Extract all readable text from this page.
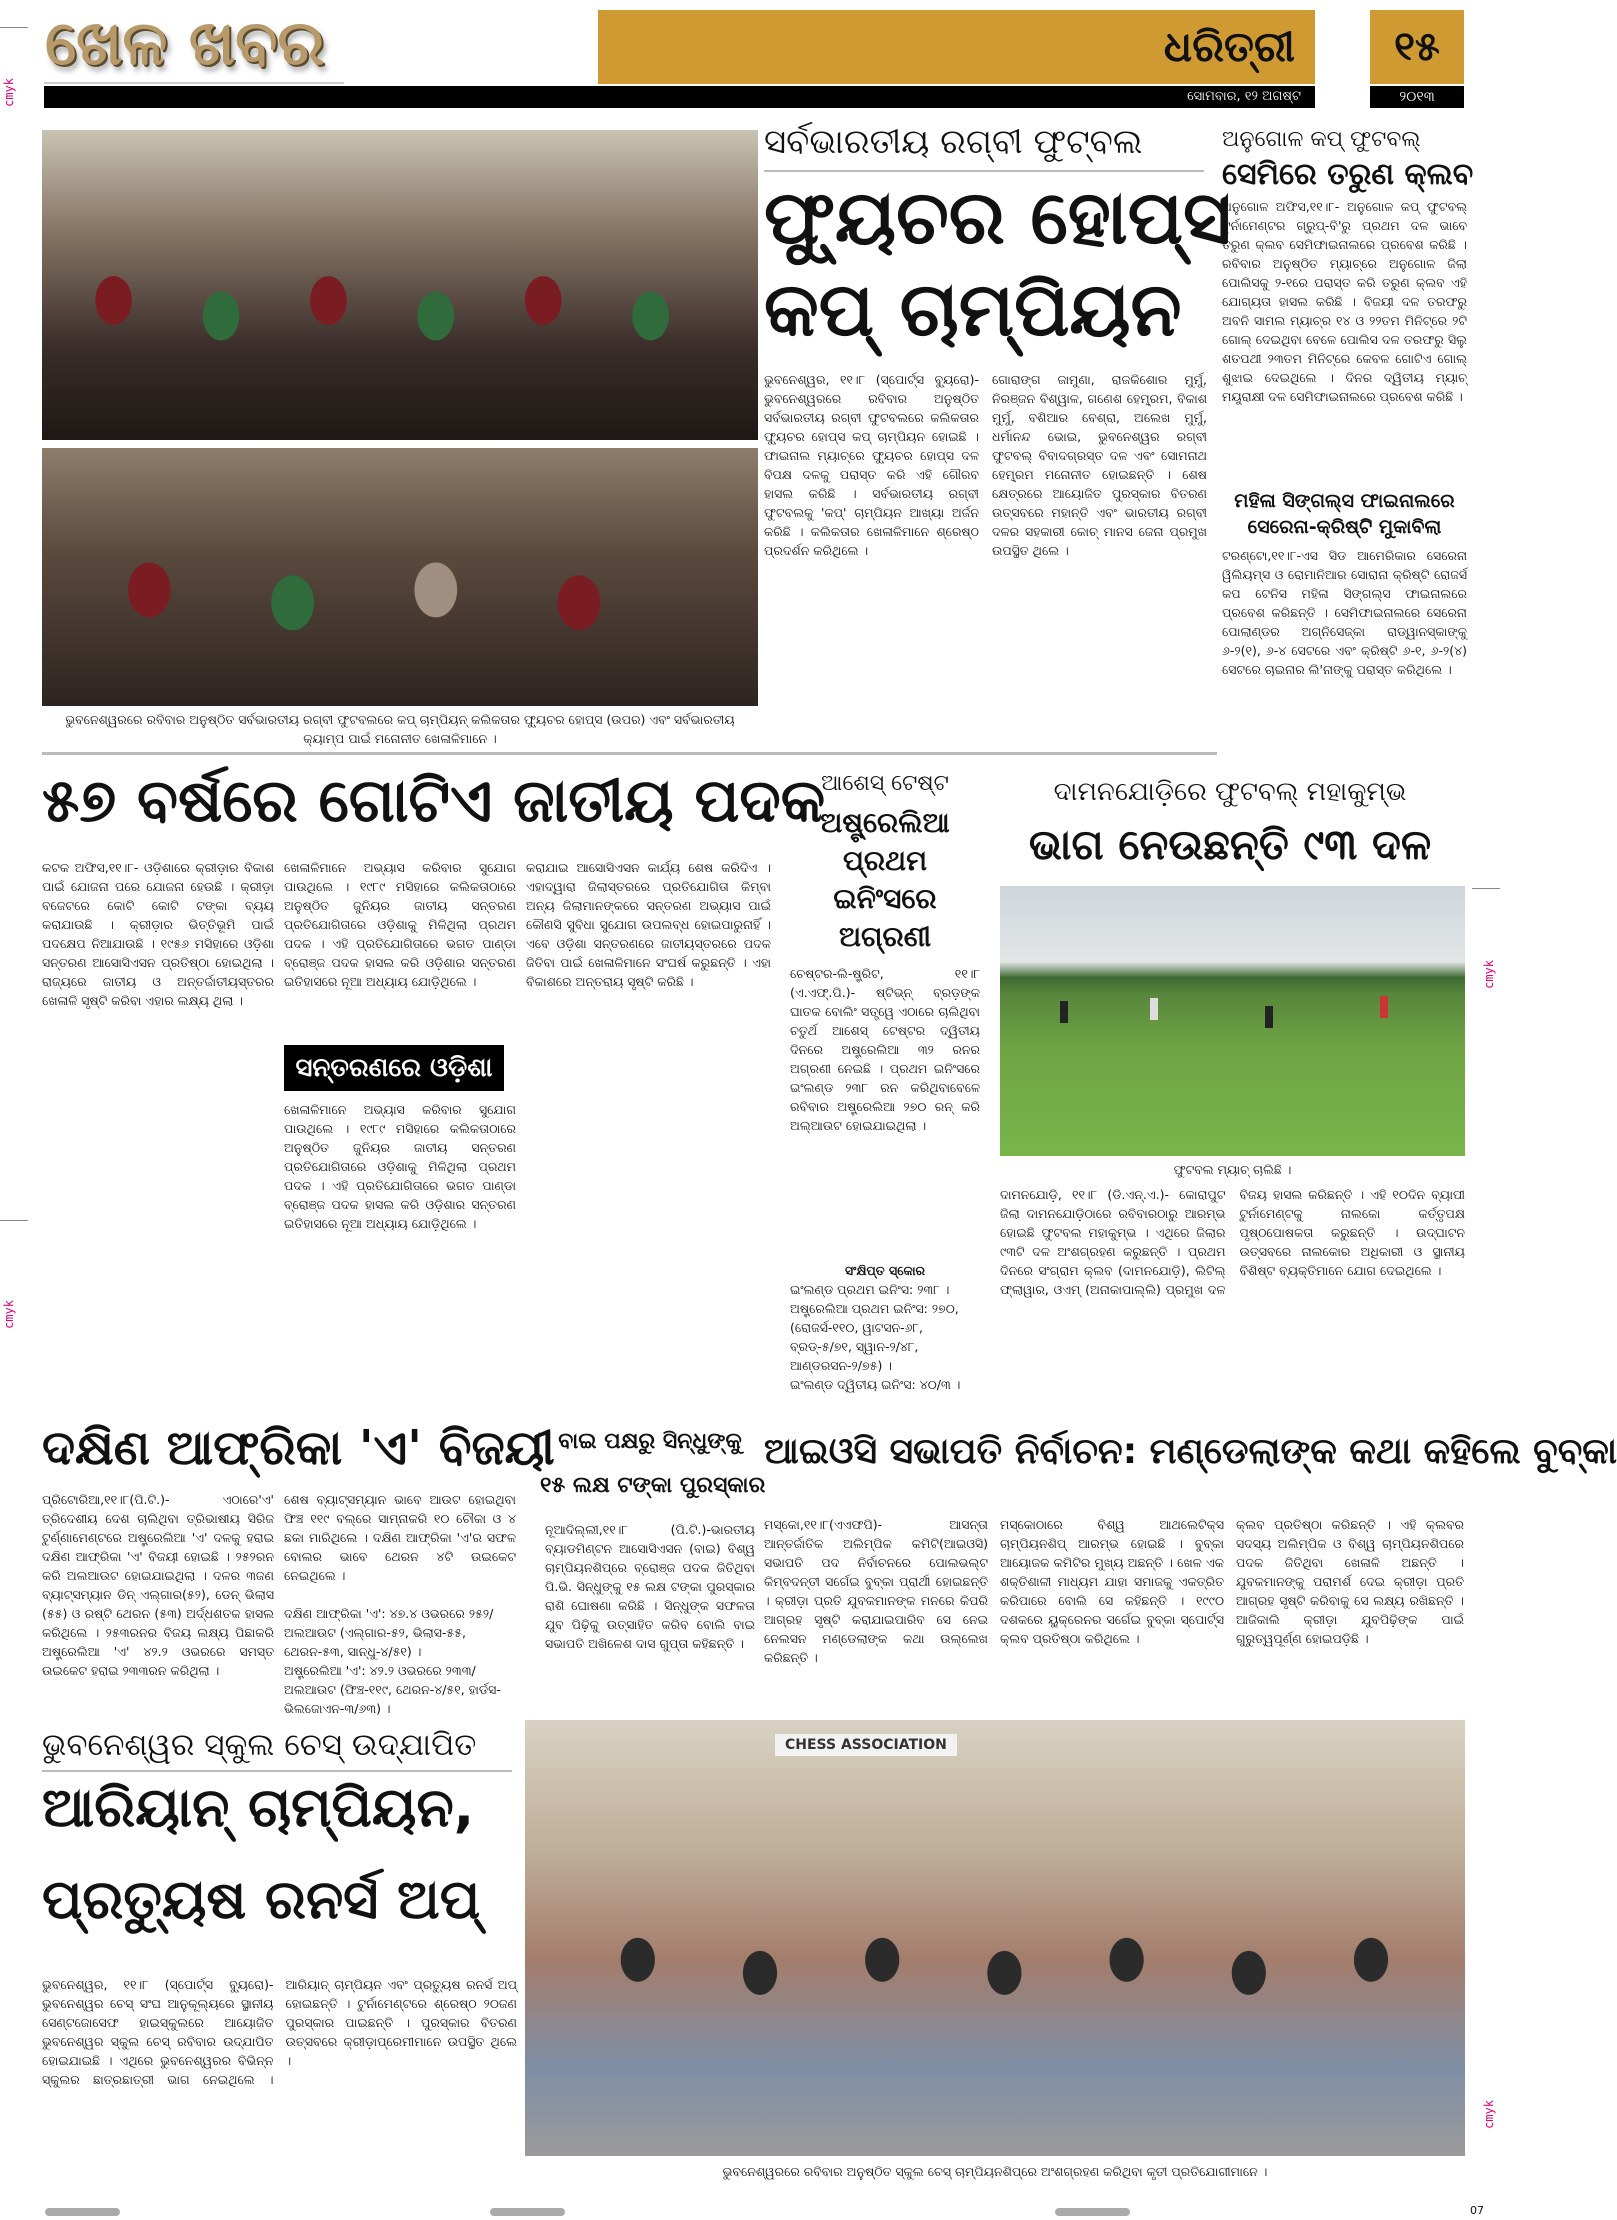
ଖେଳ ଖବର	ଧରିତ୍ରୀ ୧୫
ସୋମବାର, ୧୨ ଅଗଷ୍ଟ	୨୦୧୩
cmyk
cmyk
cmyk
cmyk
ଭୁବନେଶ୍ୱରରେ ରବିବାର ଅନୁଷ୍ଠିତ ସର୍ବଭାରତୀୟ ରଗ୍‌ବୀ ଫୁଟବଲରେ କପ୍ ଚାମ୍ପିୟନ୍ କଲିକତାର ଫ୍ୟୁଚର ହୋପ୍ସ (ଉପର) ଏବଂ ସର୍ବଭାରତୀୟ କ୍ୟାମ୍ପ ପାଇଁ ମନୋନୀତ ଖେଳାଳିମାନେ ।
ସର୍ବଭାରତୀୟ ରଗ୍‌ବୀ ଫୁଟ୍‌ବଲ
ଫ୍ୟୁଚର ହୋପ୍ସ
କପ୍ ଚାମ୍ପିୟନ
ଭୁବନେଶ୍ୱର, ୧୧।୮ (ସ୍ପୋର୍ଟ୍ସ ବ୍ୟୁରୋ)- ଭୁବନେଶ୍ୱରରେ ରବିବାର ଅନୁଷ୍ଠିତ ସର୍ବଭାରତୀୟ ରଗ୍‌ବୀ ଫୁଟବଲରେ କଲିକତାର ଫ୍ୟୁଚର ହୋପ୍ସ କପ୍ ଚାମ୍ପିୟନ ହୋଇଛି । ଫାଇନାଲ ମ୍ୟାଚ୍‌ରେ ଫ୍ୟୁଚର ହୋପ୍ସ ଦଳ ବିପକ୍ଷ ଦଳକୁ ପରାସ୍ତ କରି ଏହି ଗୌରବ ହାସଲ କରିଛି । ସର୍ବଭାରତୀୟ ରଗ୍‌ବୀ ଫୁଟବଲକୁ 'କପ୍' ଚାମ୍ପିୟନ ଆଖ୍ୟା ଅର୍ଜନ କରିଛି । କଲିକତାର ଖେଳାଳିମାନେ ଶ୍ରେଷ୍ଠ ପ୍ରଦର୍ଶନ କରିଥିଲେ ।
ଗୋରାଙ୍ଗ ଜାମୁଣା, ରାଜକିଶୋର ମୁର୍ମୁ, ନିରଞ୍ଜନ ବିଶ୍ୱାଳ, ଗଣେଶ ହେମ୍ବ୍ରମ, ବିକାଶ ମୁର୍ମୁ, ବଶିଆର ବେଶ୍ରା, ଅଲେଖ ମୁର୍ମୁ, ଧର୍ମାନନ୍ଦ ଭୋଇ, ଭୁବନେଶ୍ୱର ରଗ୍‌ବୀ ଫୁଟବଲ୍ ବିବାଦଗ୍ରସ୍ତ ଦଳ ଏବଂ ସୋମନାଥ ହେମ୍ବ୍ରମ ମନୋନୀତ ହୋଇଛନ୍ତି । ଶେଷ କ୍ଷେତ୍ରରେ ଆୟୋଜିତ ପୁରସ୍କାର ବିତରଣ ଉତ୍ସବରେ ମହାନ୍ତି ଏବଂ ଭାରତୀୟ ରଗ୍‌ବୀ ଦଳର ସହକାରୀ କୋଚ୍ ମାନସ ଜେନା ପ୍ରମୁଖ ଉପସ୍ଥିତ ଥିଲେ ।
ଅନୁଗୋଳ କପ୍ ଫୁଟବଲ୍
ସେମିରେ ତରୁଣ କ୍ଲବ
ଅନୁଗୋଳ ଅଫିସ,୧୧।୮- ଅନୁଗୋଳ କପ୍ ଫୁଟବଲ୍ ଟୁର୍ନାମେଣ୍ଟର ଗ୍ରୁପ୍-ବି'ରୁ ପ୍ରଥମ ଦଳ ଭାବେ ତରୁଣ କ୍ଲବ ସେମିଫାଇନାଲରେ ପ୍ରବେଶ କରିଛି । ରବିବାର ଅନୁଷ୍ଠିତ ମ୍ୟାଚ୍‌ରେ ଅନୁଗୋଳ ଜିଲା ପୋଲିସକୁ ୨-୧ରେ ପରାସ୍ତ କରି ତରୁଣ କ୍ଲବ ଏହି ଯୋଗ୍ୟତା ହାସଲ କରିଛି । ବିଜୟୀ ଦଳ ତରଫରୁ ଅବନି ସାମଲ ମ୍ୟାଚ୍‌ର ୧୪ ଓ ୨୨ତମ ମିନିଟ୍‌ରେ ୨ଟି ଗୋଲ୍ ଦେଇଥିବା ବେଳେ ପୋଲିସ ଦଳ ତରଫରୁ ସିଲୁ ଶତପଥୀ ୨୩ତମ ମିନିଟ୍‌ରେ କେବଳ ଗୋଟିଏ ଗୋଲ୍ ଶୁଝାଇ ଦେଇଥିଲେ । ଦିନର ଦ୍ୱିତୀୟ ମ୍ୟାଚ୍ ମୟୂରାକ୍ଷୀ ଦଳ ସେମିଫାଇନାଲରେ ପ୍ରବେଶ କରିଛି ।
ମହିଳା ସିଙ୍ଗଲ୍ସ ଫାଇନାଲରେ ସେରେନା-କ୍ରିଷ୍ଟି ମୁକାବିଲା
ଟରଣ୍ଟୋ,୧୧।୮-ଏସ ସିଡ ଆମେରିକାର ସେରେନା ୱିଲିୟମ୍ସ ଓ ରୋମାନିଆର ସୋରାନା କ୍ରିଷ୍ଟି ରୋଜର୍ସ କପ ଟେନିସ ମହିଳା ସିଙ୍ଗଲ୍ସ ଫାଇନାଲରେ ପ୍ରବେଶ କରିଛନ୍ତି । ସେମିଫାଇନାଲରେ ସେରେନା ପୋଲାଣ୍ଡର ଅଗ୍ନିସେଜ୍କା ରାଡ୍ୱାନସ୍କାଙ୍କୁ ୬-୨(୧), ୬-୪ ସେଟରେ ଏବଂ କ୍ରିଷ୍ଟି ୬-୧, ୬-୨(୪) ସେଟରେ ଚାଇନାର ଲି'ନାଙ୍କୁ ପରାସ୍ତ କରିଥିଲେ ।
୫୭ ବର୍ଷରେ ଗୋଟିଏ ଜାତୀୟ ପଦକ
କଟକ ଅଫିସ,୧୧।୮- ଓଡ଼ିଶାରେ କ୍ରୀଡ଼ାର ବିକାଶ ପାଇଁ ଯୋଜନା ପରେ ଯୋଜନା ହେଉଛି । କ୍ରୀଡ଼ା ବଜେଟରେ କୋଟି କୋଟି ଟଙ୍କା ବ୍ୟୟ କରାଯାଉଛି । କ୍ରୀଡ଼ାର ଭିତ୍ତିଭୂମି ପାଇଁ ପଦକ୍ଷେପ ନିଆଯାଉଛି । ୧୯୫୬ ମସିହାରେ ଓଡ଼ିଶା ସନ୍ତରଣ ଆସୋସିଏସନ ପ୍ରତିଷ୍ଠା ହୋଇଥିଲା । ରାଜ୍ୟରେ ଜାତୀୟ ଓ ଅନ୍ତର୍ଜାତୀୟସ୍ତରର ଖେଳାଳି ସୃଷ୍ଟି କରିବା ଏହାର ଲକ୍ଷ୍ୟ ଥିଲା ।
ଖେଳାଳିମାନେ ଅଭ୍ୟାସ କରିବାର ସୁଯୋଗ ପାଉଥିଲେ । ୧୯୮୯ ମସିହାରେ କଲିକତାଠାରେ ଅନୁଷ୍ଠିତ ଜୁନିୟର ଜାତୀୟ ସନ୍ତରଣ ପ୍ରତିଯୋଗିତାରେ ଓଡ଼ିଶାକୁ ମିଳିଥିଲା ପ୍ରଥମ ପଦକ । ଏହି ପ୍ରତିଯୋଗିତାରେ ଭଗତ ପାଣ୍ଡା ବ୍ରୋଞ୍ଜ ପଦକ ହାସଲ କରି ଓଡ଼ିଶାର ସନ୍ତରଣ ଇତିହାସରେ ନୂଆ ଅଧ୍ୟାୟ ଯୋଡ଼ିଥିଲେ ।
ସନ୍ତରଣରେ ଓଡ଼ିଶା
ଖେଳାଳିମାନେ ଅଭ୍ୟାସ କରିବାର ସୁଯୋଗ ପାଉଥିଲେ । ୧୯୮୯ ମସିହାରେ କଲିକତାଠାରେ ଅନୁଷ୍ଠିତ ଜୁନିୟର ଜାତୀୟ ସନ୍ତରଣ ପ୍ରତିଯୋଗିତାରେ ଓଡ଼ିଶାକୁ ମିଳିଥିଲା ପ୍ରଥମ ପଦକ । ଏହି ପ୍ରତିଯୋଗିତାରେ ଭଗତ ପାଣ୍ଡା ବ୍ରୋଞ୍ଜ ପଦକ ହାସଲ କରି ଓଡ଼ିଶାର ସନ୍ତରଣ ଇତିହାସରେ ନୂଆ ଅଧ୍ୟାୟ ଯୋଡ଼ିଥିଲେ ।
କରାଯାଇ ଆସୋସିଏସନ କାର୍ଯ୍ୟ ଶେଷ କରିଦିଏ । ଏହାଦ୍ୱାରା ଜିଲାସ୍ତରରେ ପ୍ରତିଯୋଗିତା କିମ୍ବା ଅନ୍ୟ ଜିଲାମାନଙ୍କରେ ସନ୍ତରଣ ଅଭ୍ୟାସ ପାଇଁ କୌଣସି ସୁବିଧା ସୁଯୋଗ ଉପଲବ୍ଧ ହୋଇପାରୁନାହିଁ । ଏବେ ଓଡ଼ିଶା ସନ୍ତରଣରେ ଜାତୀୟସ୍ତରରେ ପଦକ ଜିତିବା ପାଇଁ ଖେଳାଳିମାନେ ସଂଘର୍ଷ କରୁଛନ୍ତି । ଏହା ବିକାଶରେ ଅନ୍ତରାୟ ସୃଷ୍ଟି କରିଛି ।
ଆଶେସ୍ ଟେଷ୍ଟ
ଅଷ୍ଟ୍ରେଲିଆ ପ୍ରଥମ ଇନିଂସରେ ଅଗ୍ରଣୀ
ଚେଷ୍ଟର-ଲି-ଷ୍ଟ୍ରିଟ, ୧୧।୮ (ଏ.ଏଫ୍.ପି.)- ଷ୍ଟିଭ୍‌ନ୍ ବ୍ରଡ଼ଙ୍କ ଘାତକ ବୋଲିଂ ସତ୍ତ୍ୱେ ଏଠାରେ ଚାଲିଥିବା ଚତୁର୍ଥ ଆଶେସ୍ ଟେଷ୍ଟର ଦ୍ୱିତୀୟ ଦିନରେ ଅଷ୍ଟ୍ରେଲିଆ ୩୨ ରନର ଅଗ୍ରଣୀ ନେଇଛି । ପ୍ରଥମ ଇନିଂସରେ ଇଂଲଣ୍ଡ ୨୩୮ ରନ କରିଥିବାବେଳେ ରବିବାର ଅଷ୍ଟ୍ରେଲିଆ ୨୭୦ ରନ୍ କରି ଅଲ୍‌ଆଉଟ ହୋଇଯାଇଥିଲା ।
ସଂକ୍ଷିପ୍ତ ସ୍କୋର
ଇଂଲଣ୍ଡ ପ୍ରଥମ ଇନିଂସ: ୨୩୮ ।
ଅଷ୍ଟ୍ରେଲିଆ ପ୍ରଥମ ଇନିଂସ: ୨୭୦, (ରୋଜର୍ସ-୧୧୦, ୱାଟସନ-୬୮, ବ୍ରଡ୍-୫/୭୧, ସ୍ୱାନ-୨/୪୮, ଆଣ୍ଡରସନ-୨/୭୫) ।
ଇଂଲଣ୍ଡ ଦ୍ୱିତୀୟ ଇନିଂସ: ୪୦/୩ ।
ଦାମନଯୋଡ଼ିରେ ଫୁଟବଲ୍ ମହାକୁମ୍ଭ
ଭାଗ ନେଉଛନ୍ତି ୯୩ ଦଳ
ଫୁଟବଲ ମ୍ୟାଚ୍ ଚାଲିଛି ।
ଦାମନଯୋଡ଼ି, ୧୧।୮ (ଡି.ଏନ୍.ଏ.)- କୋରାପୁଟ ଜିଲା ଦାମନଯୋଡ଼ିଠାରେ ରବିବାରଠାରୁ ଆରମ୍ଭ ହୋଇଛି ଫୁଟବଲ ମହାକୁମ୍ଭ । ଏଥିରେ ଜିଲାର ୯୩ଟି ଦଳ ଅଂଶଗ୍ରହଣ କରୁଛନ୍ତି । ପ୍ରଥମ ଦିନରେ ସଂଗ୍ରାମ କ୍ଲବ (ଦାମନଯୋଡ଼ି), ଲିଟିଲ୍ ଫ୍ଲାୱାର, ଓଏମ୍ (ଅନାକାପାଲ୍ଲି) ପ୍ରମୁଖ ଦଳ ବିଜୟ ହାସଲ କରିଛନ୍ତି । ଏହି ୧୦ଦିନ ବ୍ୟାପୀ ଟୁର୍ନାମେଣ୍ଟକୁ ନାଲକୋ କର୍ତ୍ତୃପକ୍ଷ ପୃଷ୍ଠପୋଷକତା କରୁଛନ୍ତି । ଉଦ୍‌ଘାଟନ ଉତ୍ସବରେ ନାଲକୋର ଅଧିକାରୀ ଓ ସ୍ଥାନୀୟ ବିଶିଷ୍ଟ ବ୍ୟକ୍ତିମାନେ ଯୋଗ ଦେଇଥିଲେ ।
ଦକ୍ଷିଣ ଆଫ୍ରିକା 'ଏ' ବିଜୟୀ
ପ୍ରିଟୋରିଆ,୧୧।୮(ପି.ଟି.)- ଏଠାରେ'ଏ' ତ୍ରିଦେଶୀୟ ଦେଶ ଚାଲିଥିବା ତ୍ରିଭାଷୀୟ ସିରିଜ ଟୁର୍ଣ୍ଣାମେଣ୍ଟରେ ଅଷ୍ଟ୍ରେଲିଆ 'ଏ' ଦଳକୁ ହରାଇ ଦକ୍ଷିଣ ଆଫ୍ରିକା 'ଏ' ବିଜୟୀ ହୋଇଛି । ୨୫୨ରନ କରି ଅଲଆଉଟ ହୋଇଯାଇଥିଲା । ଦଳର ୩ଜଣ ବ୍ୟାଟ୍ସମ୍ୟାନ ଡିନ୍ ଏଲ୍‌ଗାର(୫୨), ଡେନ୍ ଭିଲାସ (୫୫) ଓ ରଷ୍ଟି ଥେରନ (୫୩) ଅର୍ଦ୍ଧଶତକ ହାସଲ କରିଥିଲେ । ୨୫୩ରନର ବିଜୟ ଲକ୍ଷ୍ୟ ପିଛାକରି ଅଷ୍ଟ୍ରେଲିଆ 'ଏ' ୪୨.୨ ଓଭରରେ ସମସ୍ତ ଉଇକେଟ ହରାଇ ୨୩୩ରନ କରିଥିଲା ।
ଶେଷ ବ୍ୟାଟ୍ସମ୍ୟାନ ଭାବେ ଆଉଟ ହୋଇଥିବା ଫିଞ୍ଚ ୧୧୯ ବଲ୍‌ରେ ସାମ୍ନାକରି ୧୦ ଚୌକା ଓ ୪ ଛକା ମାରିଥିଲେ । ଦକ୍ଷିଣ ଆଫ୍ରିକା 'ଏ'ର ସଫଳ ବୋଲର ଭାବେ ଥେରନ ୪ଟି ଉଇକେଟ ନେଇଥିଲେ ।
ଦକ୍ଷିଣ ଆଫ୍ରିକା 'ଏ': ୪୭.୪ ଓଭରରେ ୨୫୨/ଅଲଆଉଟ (ଏଲ୍‌ଗାର-୫୨, ଭିଲାସ-୫୫, ଥେରନ-୫୩, ସାନ୍ଧୁ-୪/୫୧) ।
ଅଷ୍ଟ୍ରେଲିଆ 'ଏ': ୪୨.୨ ଓଭରରେ ୨୩୩/ଅଲଆଉଟ (ଫିଞ୍ଚ-୧୧୯, ଥେରନ-୪/୫୧, ହାର୍ଡସ-ଭିଲଜୋଏନ-୩/୬୩) ।
ବାଇ ପକ୍ଷରୁ ସିନ୍ଧୁଙ୍କୁ
୧୫ ଲକ୍ଷ ଟଙ୍କା ପୁରସ୍କାର
ନୂଆଦିଲ୍ଲୀ,୧୧।୮ (ପି.ଟି.)-ଭାରତୀୟ ବ୍ୟାଡମିଣ୍ଟନ ଆସୋସିଏସନ (ବାଇ) ବିଶ୍ୱ ଚାମ୍ପିୟନଶିପ୍‌ରେ ବ୍ରୋଞ୍ଜ ପଦକ ଜିତିଥିବା ପି.ଭି. ସିନ୍ଧୁଙ୍କୁ ୧୫ ଲକ୍ଷ ଟଙ୍କା ପୁରସ୍କାର ରାଶି ଘୋଷଣା କରିଛି । ସିନ୍ଧୁଙ୍କ ସଫଳତା ଯୁବ ପିଢ଼ିକୁ ଉତ୍ସାହିତ କରିବ ବୋଲି ବାଇ ସଭାପତି ଅଖିଳେଶ ଦାସ ଗୁପ୍ତା କହିଛନ୍ତି ।
ଆଇଓସି ସଭାପତି ନିର୍ବାଚନ: ମଣ୍ଡେଲାଙ୍କ କଥା କହିଲେ ବୁବ୍‌କା
ମସ୍କୋ,୧୧।୮(ଏଏଫପି)- ଆସନ୍ତା ଆନ୍ତର୍ଜାତିକ ଅଲିମ୍ପିକ କମିଟି(ଆଇଓସି) ସଭାପତି ପଦ ନିର୍ବାଚନରେ ପୋଲଭଲ୍ଟ କିମ୍ବଦନ୍ତୀ ସର୍ଗେଇ ବୁବ୍‌କା ପ୍ରାର୍ଥୀ ହୋଇଛନ୍ତି । କ୍ରୀଡ଼ା ପ୍ରତି ଯୁବକମାନଙ୍କ ମନରେ କିପରି ଆଗ୍ରହ ସୃଷ୍ଟି କରାଯାଇପାରିବ ସେ ନେଇ ନେଲସନ ମଣ୍ଡେଲାଙ୍କ କଥା ଉଲ୍ଲେଖ କରିଛନ୍ତି ।
ମସ୍କୋଠାରେ ବିଶ୍ୱ ଆଥଲେଟିକ୍ସ ଚାମ୍ପିୟନଶିପ୍ ଆରମ୍ଭ ହୋଇଛି । ବୁବ୍‌କା ଆୟୋଜକ କମିଟିର ମୁଖ୍ୟ ଅଛନ୍ତି । ଖେଳ ଏକ ଶକ୍ତିଶାଳୀ ମାଧ୍ୟମ ଯାହା ସମାଜକୁ ଏକତ୍ରିତ କରିପାରେ ବୋଲି ସେ କହିଛନ୍ତି । ୧୯୯୦ ଦଶକରେ ୟୁକ୍ରେନର ସର୍ଗେଇ ବୁବ୍‌କା ସ୍ପୋର୍ଟ୍ସ କ୍ଲବ ପ୍ରତିଷ୍ଠା କରିଥିଲେ ।
କ୍ଲବ ପ୍ରତିଷ୍ଠା କରିଛନ୍ତି । ଏହି କ୍ଲବର ସଦସ୍ୟ ଅଲିମ୍ପିକ ଓ ବିଶ୍ୱ ଚାମ୍ପିୟନଶିପରେ ପଦକ ଜିତିଥିବା ଖେଳାଳି ଅଛନ୍ତି । ଯୁବକମାନଙ୍କୁ ପରାମର୍ଶ ଦେଇ କ୍ରୀଡ଼ା ପ୍ରତି ଆଗ୍ରହ ସୃଷ୍ଟି କରିବାକୁ ସେ ଲକ୍ଷ୍ୟ ରଖିଛନ୍ତି । ଆଜିକାଲି କ୍ରୀଡ଼ା ଯୁବପିଢ଼ିଙ୍କ ପାଇଁ ଗୁରୁତ୍ୱପୂର୍ଣ୍ଣ ହୋଇପଡ଼ିଛି ।
ଭୁବନେଶ୍ୱର ସ୍କୁଲ ଚେସ୍ ଉଦ୍‌ଯାପିତ
ଆରିୟାନ୍ ଚାମ୍ପିୟନ,
ପ୍ରତ୍ୟୁଷ ରନର୍ସ ଅପ୍
ଭୁବନେଶ୍ୱର, ୧୧।୮ (ସ୍ପୋର୍ଟ୍ସ ବ୍ୟୁରୋ)- ଭୁବନେଶ୍ୱର ଚେସ୍ ସଂଘ ଆନୁକୂଲ୍ୟରେ ସ୍ଥାନୀୟ ସେଣ୍ଟଜୋସେଫ ହାଇସ୍କୁଲରେ ଆୟୋଜିତ ଭୁବନେଶ୍ୱର ସ୍କୁଲ ଚେସ୍ ରବିବାର ଉଦ୍‌ଯାପିତ ହୋଇଯାଇଛି । ଏଥିରେ ଭୁବନେଶ୍ୱରର ବିଭିନ୍ନ ସ୍କୁଲର ଛାତ୍ରଛାତ୍ରୀ ଭାଗ ନେଇଥିଲେ । ଆରିୟାନ୍ ଚାମ୍ପିୟନ ଏବଂ ପ୍ରତ୍ୟୁଷ ରନର୍ସ ଅପ୍ ହୋଇଛନ୍ତି । ଟୁର୍ନାମେଣ୍ଟରେ ଶ୍ରେଷ୍ଠ ୨୦ଜଣ ପୁରସ୍କାର ପାଇଛନ୍ତି । ପୁରସ୍କାର ବିତରଣ ଉତ୍ସବରେ କ୍ରୀଡ଼ାପ୍ରେମୀମାନେ ଉପସ୍ଥିତ ଥିଲେ ।
CHESS ASSOCIATION
ଭୁବନେଶ୍ୱରରେ ରବିବାର ଅନୁଷ୍ଠିତ ସ୍କୁଲ ଚେସ୍ ଚାମ୍ପିୟନଶିପ୍‌ରେ ଅଂଶଗ୍ରହଣ କରିଥିବା କୃତୀ ପ୍ରତିଯୋଗୀମାନେ ।
07
